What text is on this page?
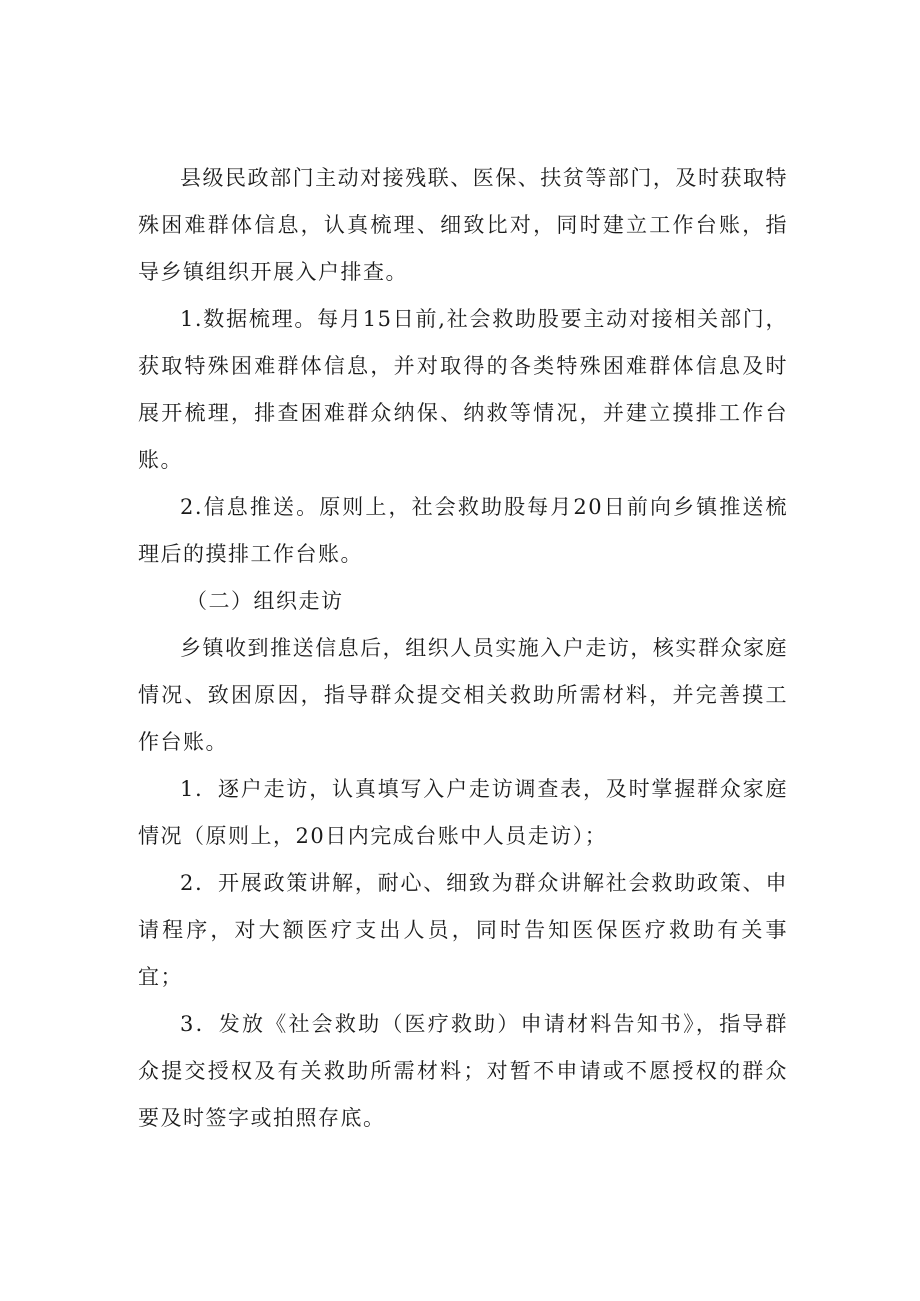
县级民政部门主动对接残联、医保、扶贫等部门，及时获取特殊困难群体信息，认真梳理、细致比对，同时建立工作台账，指导乡镇组织开展入户排查。

1.数据梳理。每月15日前,社会救助股要主动对接相关部门，获取特殊困难群体信息，并对取得的各类特殊困难群体信息及时展开梳理，排查困难群众纳保、纳救等情况，并建立摸排工作台账。

2.信息推送。原则上，社会救助股每月20日前向乡镇推送梳理后的摸排工作台账。

（二）组织走访

乡镇收到推送信息后，组织人员实施入户走访，核实群众家庭情况、致困原因，指导群众提交相关救助所需材料，并完善摸工作台账。

1．逐户走访，认真填写入户走访调查表，及时掌握群众家庭情况（原则上，20日内完成台账中人员走访）；

2．开展政策讲解，耐心、细致为群众讲解社会救助政策、申请程序，对大额医疗支出人员，同时告知医保医疗救助有关事宜；

3．发放《社会救助（医疗救助）申请材料告知书》，指导群众提交授权及有关救助所需材料；对暂不申请或不愿授权的群众要及时签字或拍照存底。
